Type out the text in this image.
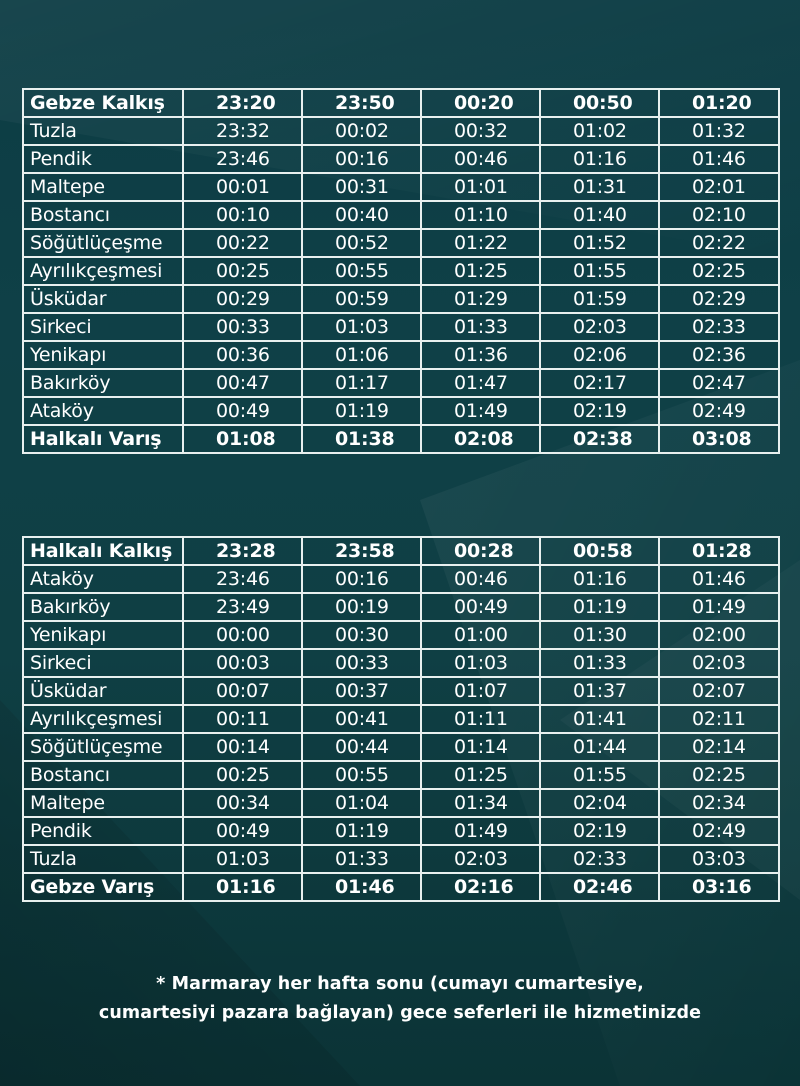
Gebze Kalkış	23:20	23:50	00:20	00:50	01:20
Tuzla	23:32	00:02	00:32	01:02	01:32
Pendik	23:46	00:16	00:46	01:16	01:46
Maltepe	00:01	00:31	01:01	01:31	02:01
Bostancı	00:10	00:40	01:10	01:40	02:10
Söğütlüçeşme	00:22	00:52	01:22	01:52	02:22
Ayrılıkçeşmesi	00:25	00:55	01:25	01:55	02:25
Üsküdar	00:29	00:59	01:29	01:59	02:29
Sirkeci	00:33	01:03	01:33	02:03	02:33
Yenikapı	00:36	01:06	01:36	02:06	02:36
Bakırköy	00:47	01:17	01:47	02:17	02:47
Ataköy	00:49	01:19	01:49	02:19	02:49
Halkalı Varış	01:08	01:38	02:08	02:38	03:08
Halkalı Kalkış	23:28	23:58	00:28	00:58	01:28
Ataköy	23:46	00:16	00:46	01:16	01:46
Bakırköy	23:49	00:19	00:49	01:19	01:49
Yenikapı	00:00	00:30	01:00	01:30	02:00
Sirkeci	00:03	00:33	01:03	01:33	02:03
Üsküdar	00:07	00:37	01:07	01:37	02:07
Ayrılıkçeşmesi	00:11	00:41	01:11	01:41	02:11
Söğütlüçeşme	00:14	00:44	01:14	01:44	02:14
Bostancı	00:25	00:55	01:25	01:55	02:25
Maltepe	00:34	01:04	01:34	02:04	02:34
Pendik	00:49	01:19	01:49	02:19	02:49
Tuzla	01:03	01:33	02:03	02:33	03:03
Gebze Varış	01:16	01:46	02:16	02:46	03:16
* Marmaray her hafta sonu (cumayı cumartesiye,
cumartesiyi pazara bağlayan) gece seferleri ile hizmetinizde
